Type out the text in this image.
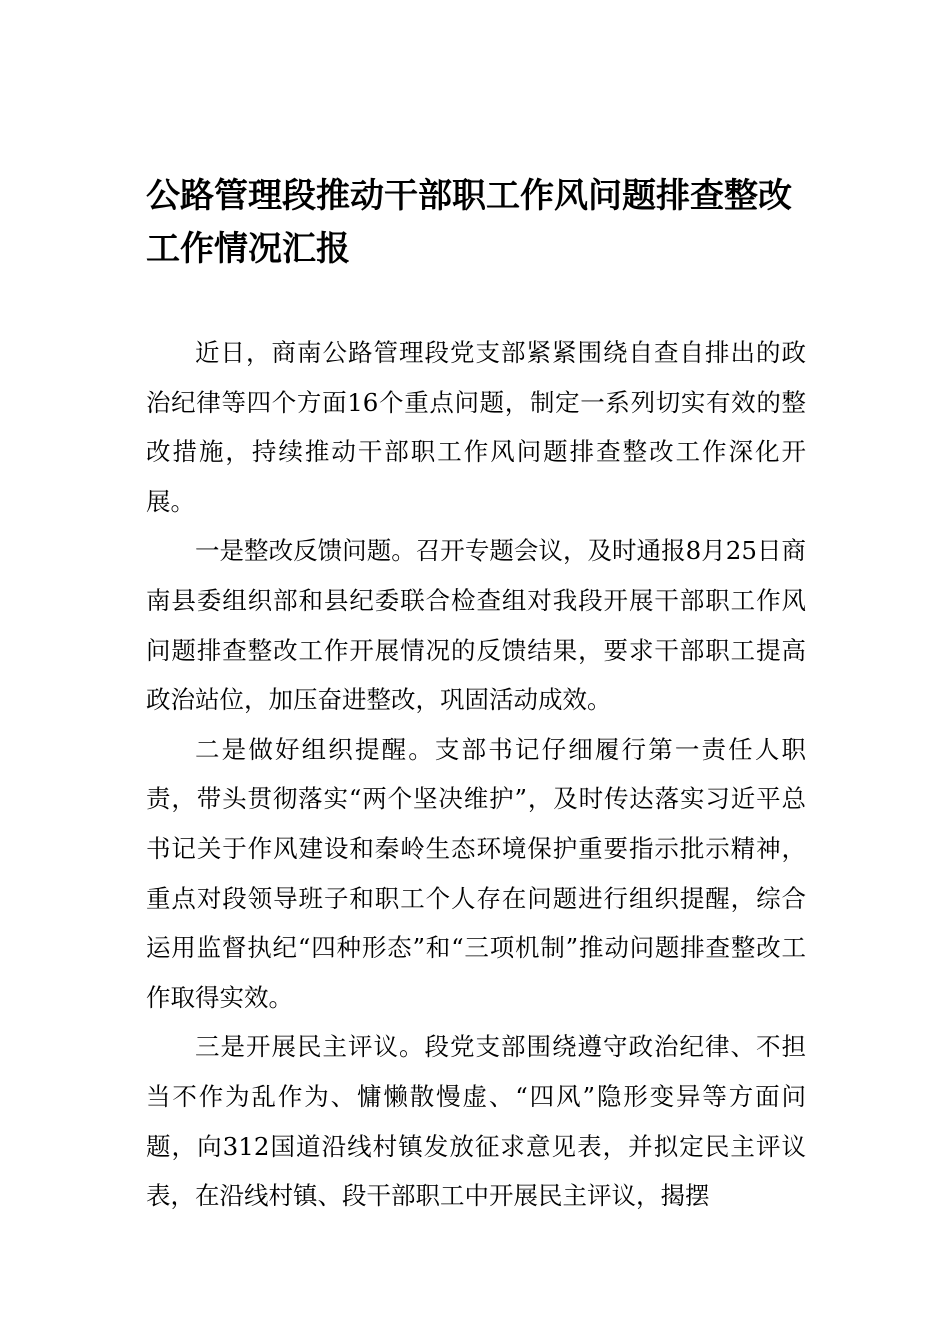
公路管理段推动干部职工作风问题排查整改工作情况汇报

近日，商南公路管理段党支部紧紧围绕自查自排出的政治纪律等四个方面16个重点问题，制定一系列切实有效的整改措施，持续推动干部职工作风问题排查整改工作深化开展。

一是整改反馈问题。召开专题会议，及时通报8月25日商南县委组织部和县纪委联合检查组对我段开展干部职工作风问题排查整改工作开展情况的反馈结果，要求干部职工提高政治站位，加压奋进整改，巩固活动成效。

二是做好组织提醒。支部书记仔细履行第一责任人职责，带头贯彻落实“两个坚决维护”，及时传达落实习近平总书记关于作风建设和秦岭生态环境保护重要指示批示精神，重点对段领导班子和职工个人存在问题进行组织提醒，综合运用监督执纪“四种形态”和“三项机制”推动问题排查整改工作取得实效。

三是开展民主评议。段党支部围绕遵守政治纪律、不担当不作为乱作为、慵懒散慢虚、“四风”隐形变异等方面问题，向312国道沿线村镇发放征求意见表，并拟定民主评议表，在沿线村镇、段干部职工中开展民主评议，揭摆
